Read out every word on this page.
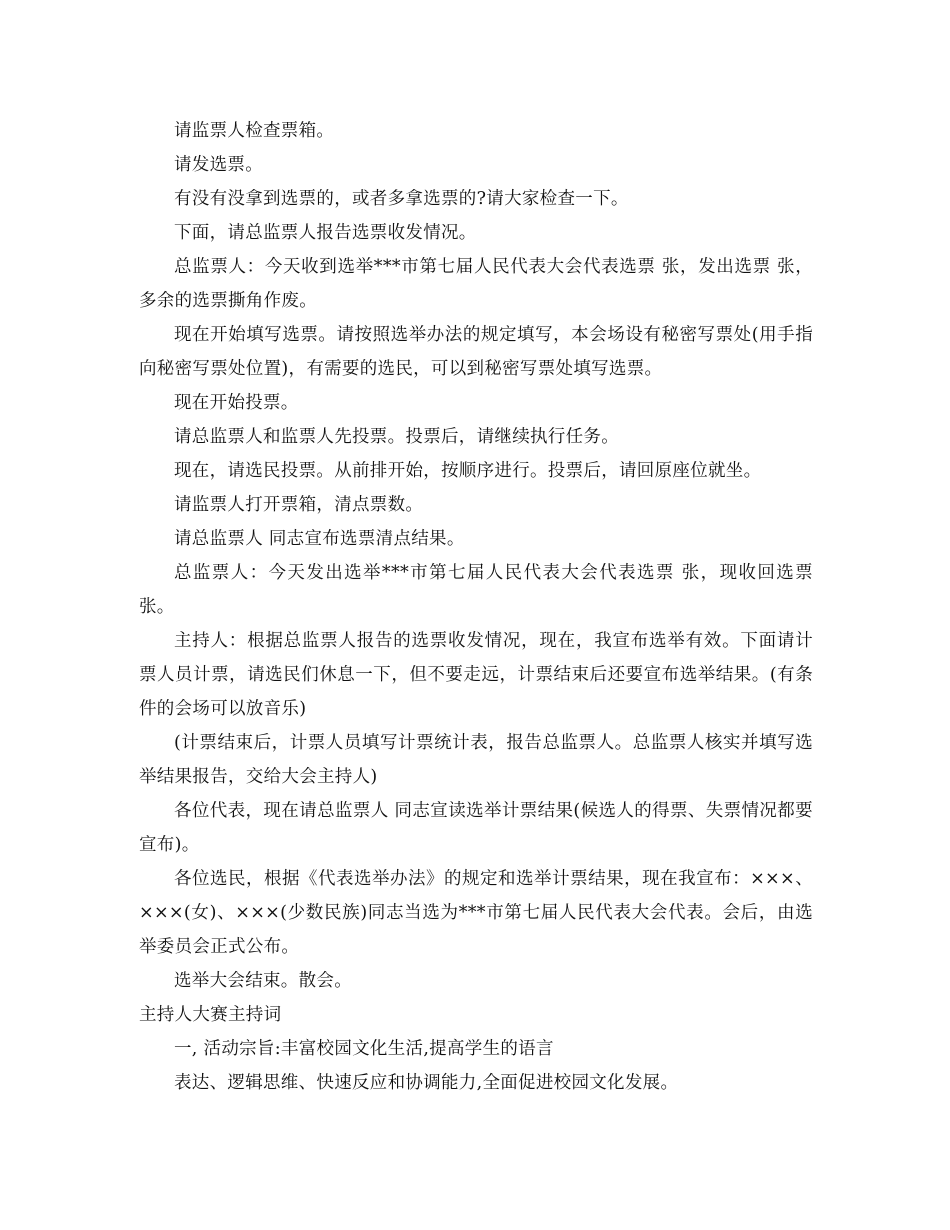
请监票人检查票箱。

请发选票。

有没有没拿到选票的，或者多拿选票的?请大家检查一下。

下面，请总监票人报告选票收发情况。

总监票人：今天收到选举***市第七届人民代表大会代表选票 张，发出选票 张，多余的选票撕角作废。

现在开始填写选票。请按照选举办法的规定填写，本会场设有秘密写票处(用手指向秘密写票处位置)，有需要的选民，可以到秘密写票处填写选票。

现在开始投票。

请总监票人和监票人先投票。投票后，请继续执行任务。

现在，请选民投票。从前排开始，按顺序进行。投票后，请回原座位就坐。

请监票人打开票箱，清点票数。

请总监票人 同志宣布选票清点结果。

总监票人：今天发出选举***市第七届人民代表大会代表选票 张，现收回选票 张。

主持人：根据总监票人报告的选票收发情况，现在，我宣布选举有效。下面请计票人员计票，请选民们休息一下，但不要走远，计票结束后还要宣布选举结果。(有条件的会场可以放音乐)

(计票结束后，计票人员填写计票统计表，报告总监票人。总监票人核实并填写选举结果报告，交给大会主持人)

各位代表，现在请总监票人 同志宣读选举计票结果(候选人的得票、失票情况都要宣布)。

各位选民，根据《代表选举办法》的规定和选举计票结果，现在我宣布：×××、×××(女)、×××(少数民族)同志当选为***市第七届人民代表大会代表。会后，由选举委员会正式公布。

选举大会结束。散会。

主持人大赛主持词

一, 活动宗旨:丰富校园文化生活,提高学生的语言

表达、逻辑思维、快速反应和协调能力,全面促进校园文化发展。
